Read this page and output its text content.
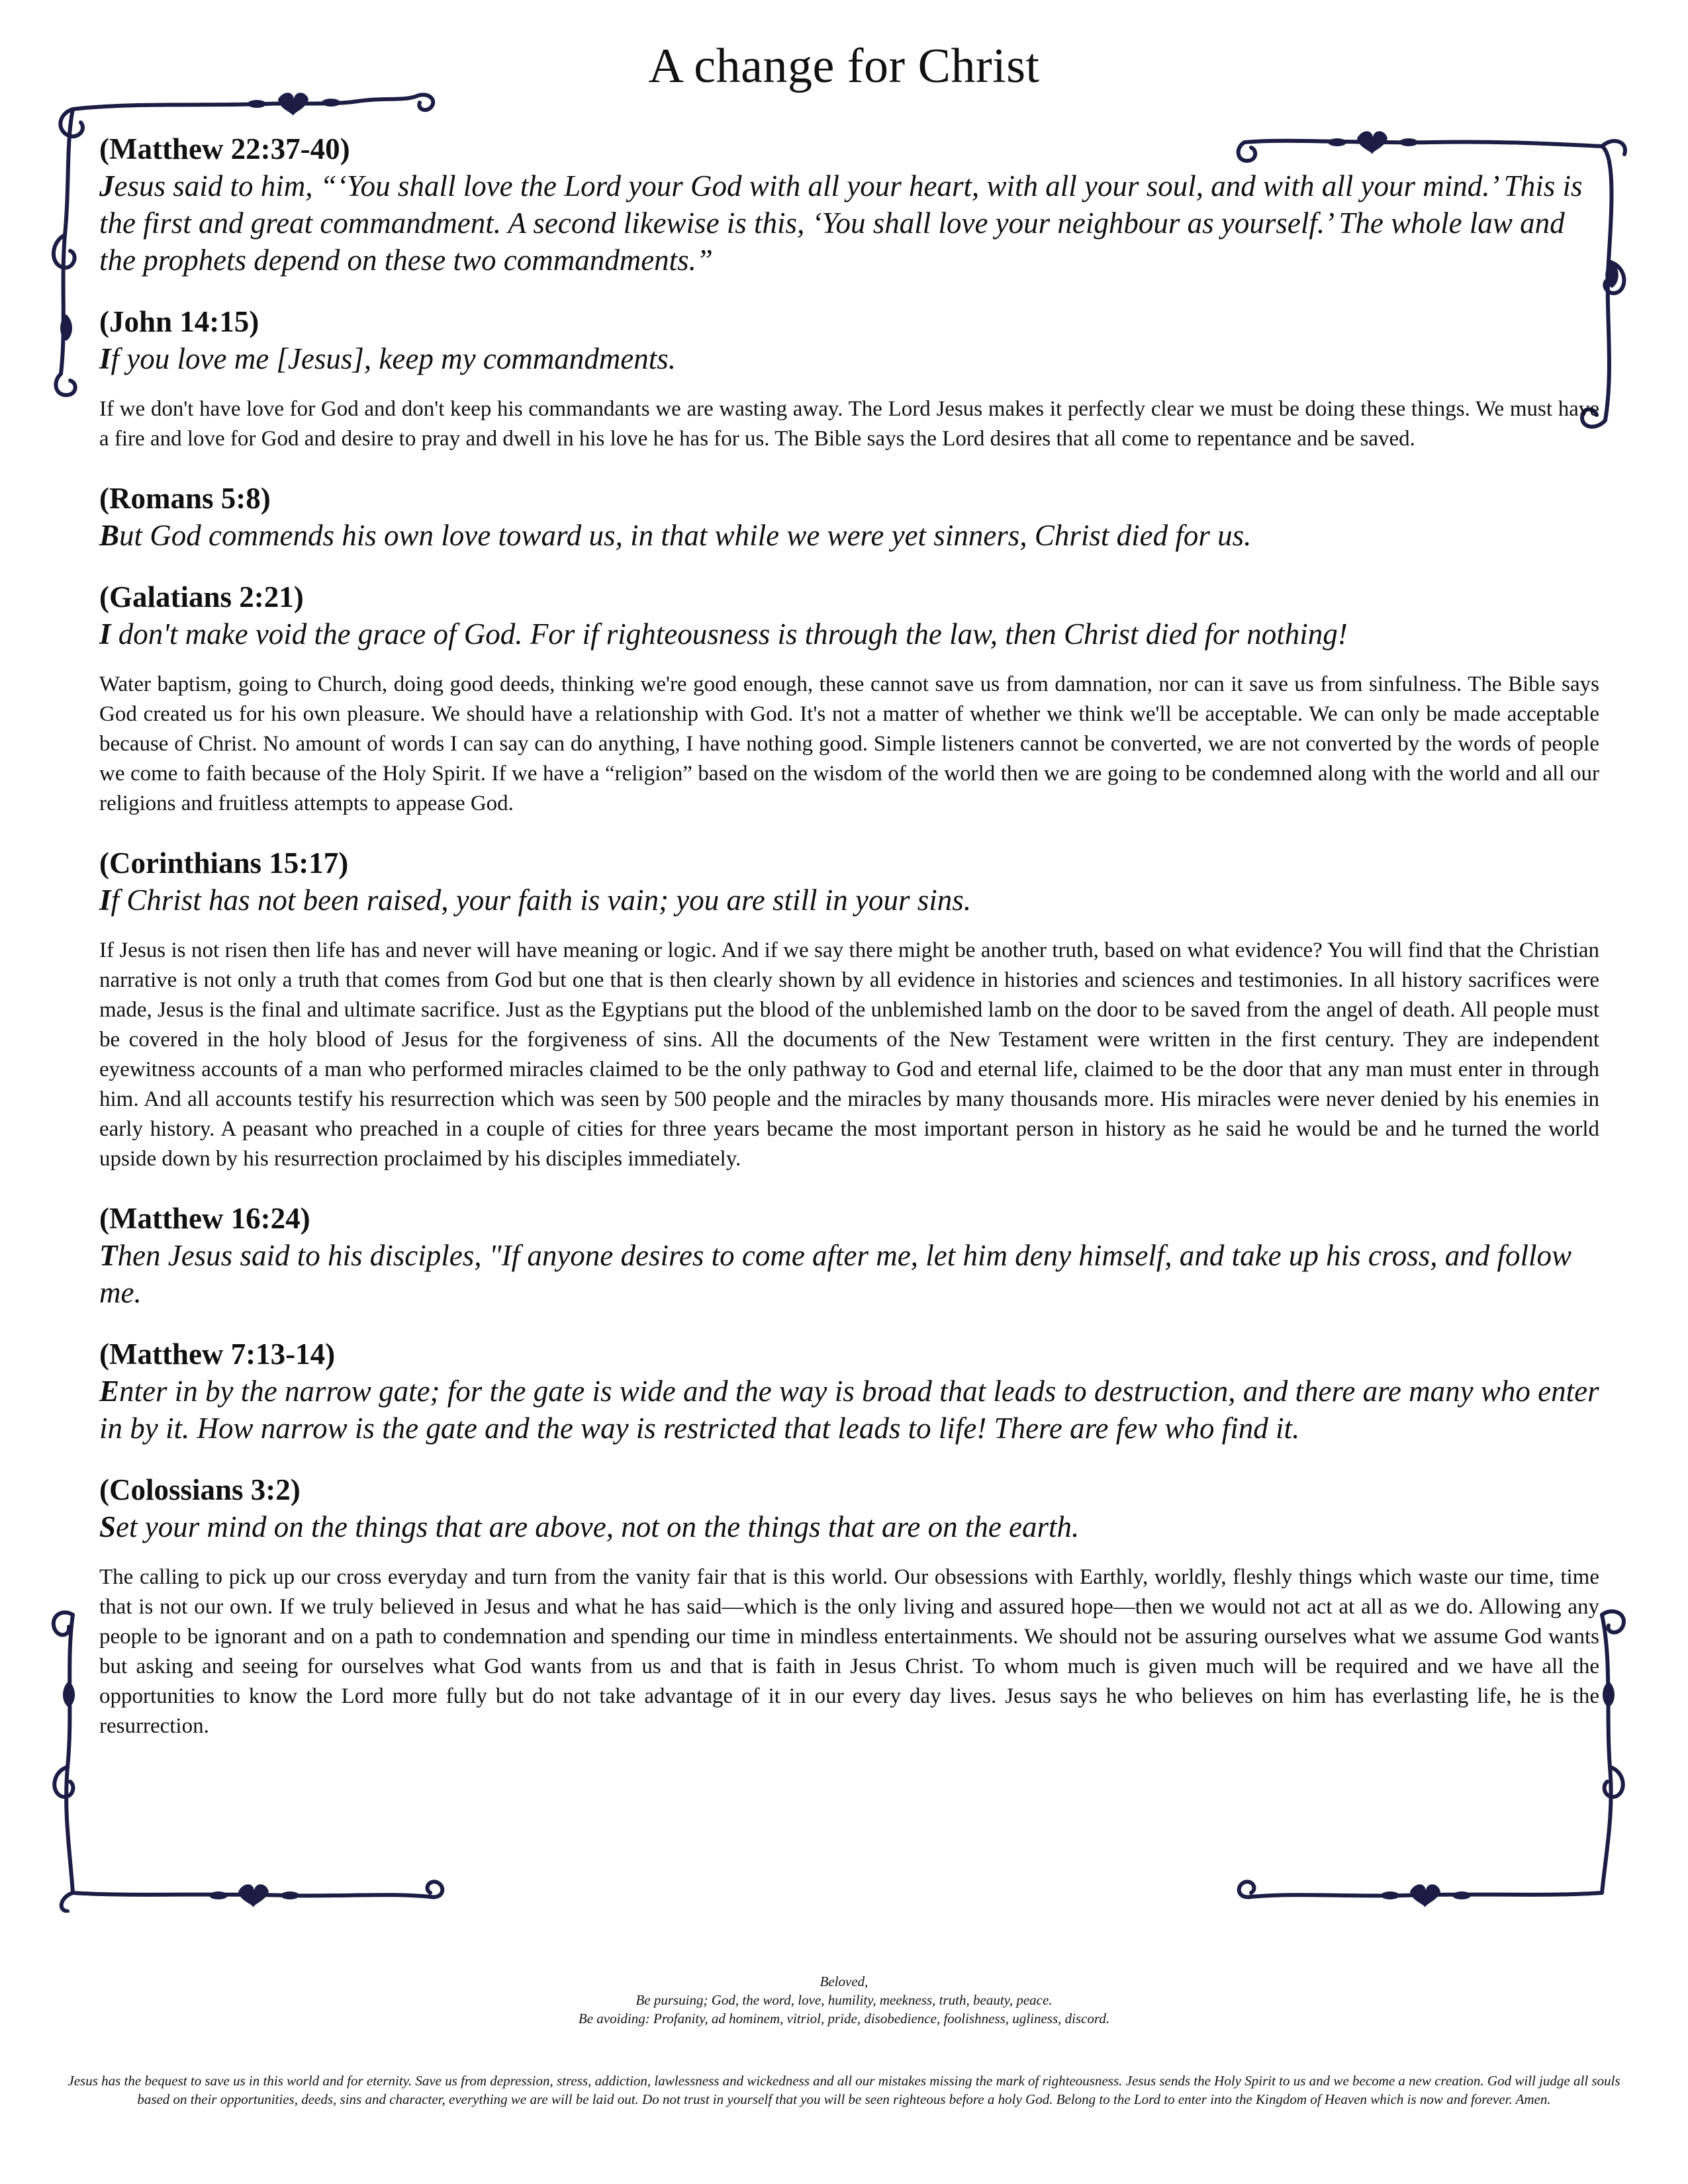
A change for Christ

(Matthew 22:37-40)

Jesus said to him, “‘You shall love the Lord your God with all your heart, with all your soul, and with all your mind.’ This is the first and great commandment. A second likewise is this, ‘You shall love your neighbour as yourself.’ The whole law and the prophets depend on these two commandments.”

(John 14:15)

If you love me [Jesus], keep my commandments.

If we don't have love for God and don't keep his commandants we are wasting away. The Lord Jesus makes it perfectly clear we must be doing these things. We must have a fire and love for God and desire to pray and dwell in his love he has for us. The Bible says the Lord desires that all come to repentance and be saved.

(Romans 5:8)

But God commends his own love toward us, in that while we were yet sinners, Christ died for us.

(Galatians 2:21)

I don't make void the grace of God. For if righteousness is through the law, then Christ died for nothing!

Water baptism, going to Church, doing good deeds, thinking we're good enough, these cannot save us from damnation, nor can it save us from sinfulness. The Bible says God created us for his own pleasure. We should have a relationship with God. It's not a matter of whether we think we'll be acceptable. We can only be made acceptable because of Christ. No amount of words I can say can do anything, I have nothing good. Simple listeners cannot be converted, we are not converted by the words of people we come to faith because of the Holy Spirit. If we have a “religion” based on the wisdom of the world then we are going to be condemned along with the world and all our religions and fruitless attempts to appease God.

(Corinthians 15:17)

If Christ has not been raised, your faith is vain; you are still in your sins.

If Jesus is not risen then life has and never will have meaning or logic. And if we say there might be another truth, based on what evidence? You will find that the Christian narrative is not only a truth that comes from God but one that is then clearly shown by all evidence in histories and sciences and testimonies. In all history sacrifices were made, Jesus is the final and ultimate sacrifice. Just as the Egyptians put the blood of the unblemished lamb on the door to be saved from the angel of death. All people must be covered in the holy blood of Jesus for the forgiveness of sins. All the documents of the New Testament were written in the first century. They are independent eyewitness accounts of a man who performed miracles claimed to be the only pathway to God and eternal life, claimed to be the door that any man must enter in through him. And all accounts testify his resurrection which was seen by 500 people and the miracles by many thousands more. His miracles were never denied by his enemies in early history. A peasant who preached in a couple of cities for three years became the most important person in history as he said he would be and he turned the world upside down by his resurrection proclaimed by his disciples immediately.

(Matthew 16:24)

Then Jesus said to his disciples, "If anyone desires to come after me, let him deny himself, and take up his cross, and follow me.

(Matthew 7:13-14)

Enter in by the narrow gate; for the gate is wide and the way is broad that leads to destruction, and there are many who enter in by it. How narrow is the gate and the way is restricted that leads to life! There are few who find it.

(Colossians 3:2)

Set your mind on the things that are above, not on the things that are on the earth.

The calling to pick up our cross everyday and turn from the vanity fair that is this world. Our obsessions with Earthly, worldly, fleshly things which waste our time, time that is not our own. If we truly believed in Jesus and what he has said—which is the only living and assured hope—then we would not act at all as we do. Allowing any people to be ignorant and on a path to condemnation and spending our time in mindless entertainments. We should not be assuring ourselves what we assume God wants but asking and seeing for ourselves what God wants from us and that is faith in Jesus Christ. To whom much is given much will be required and we have all the opportunities to know the Lord more fully but do not take advantage of it in our every day lives. Jesus says he who believes on him has everlasting life, he is the resurrection.

Beloved,

Be pursuing; God, the word, love, humility, meekness, truth, beauty, peace.

Be avoiding: Profanity, ad hominem, vitriol, pride, disobedience, foolishness, ugliness, discord.

Jesus has the bequest to save us in this world and for eternity. Save us from depression, stress, addiction, lawlessness and wickedness and all our mistakes missing the mark of righteousness. Jesus sends the Holy Spirit to us and we become a new creation. God will judge all souls based on their opportunities, deeds, sins and character, everything we are will be laid out. Do not trust in yourself that you will be seen righteous before a holy God. Belong to the Lord to enter into the Kingdom of Heaven which is now and forever. Amen.
